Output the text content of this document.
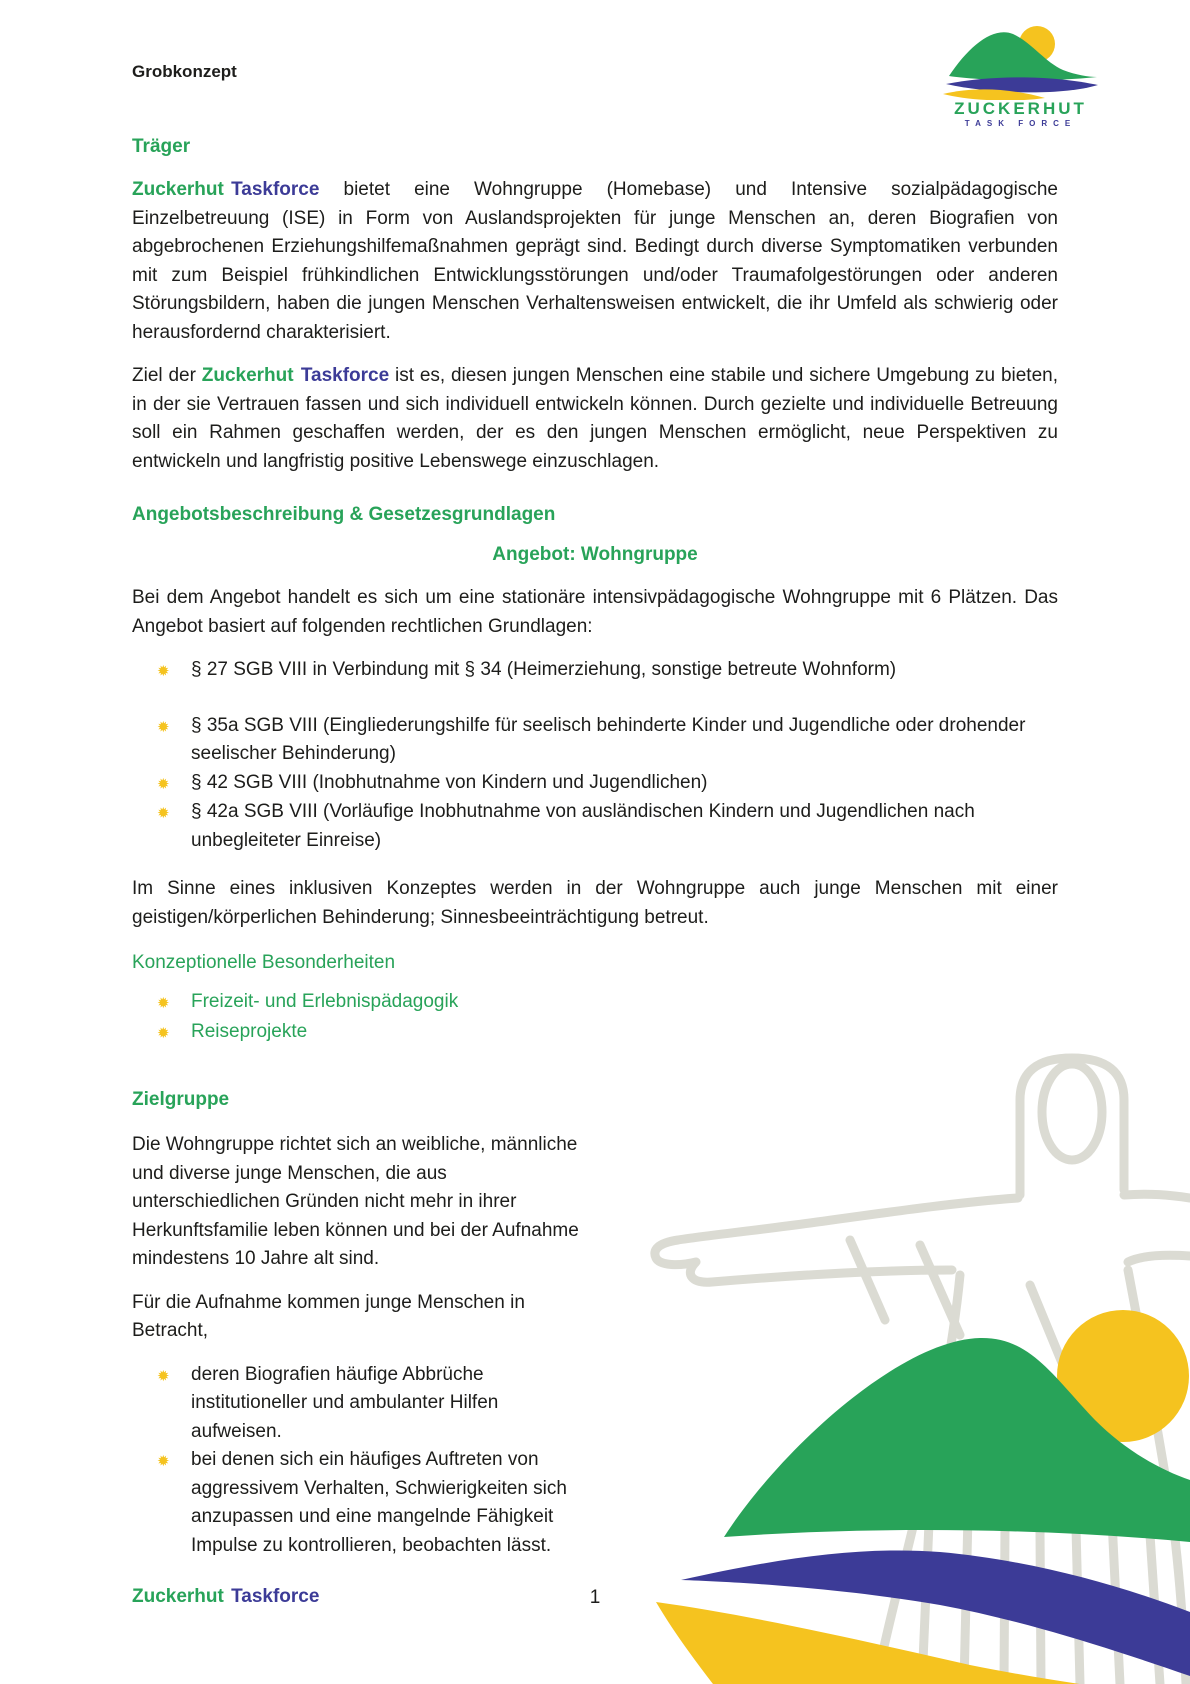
Grobkonzept
ZUCKERHUT
TASK FORCE
Träger

Zuckerhut Taskforce bietet eine Wohngruppe (Homebase) und Intensive sozialpädagogische Einzelbetreuung (ISE) in Form von Auslandsprojekten für junge Menschen an, deren Biografien von abgebrochenen Erziehungshilfemaßnahmen geprägt sind. Bedingt durch diverse Symptomatiken verbunden mit zum Beispiel frühkindlichen Entwicklungsstörungen und/oder Traumafolgestörungen oder anderen Störungsbildern, haben die jungen Menschen Verhaltensweisen entwickelt, die ihr Umfeld als schwierig oder herausfordernd charakterisiert.

Ziel der Zuckerhut Taskforce ist es, diesen jungen Menschen eine stabile und sichere Umgebung zu bieten, in der sie Vertrauen fassen und sich individuell entwickeln können. Durch gezielte und individuelle Betreuung soll ein Rahmen geschaffen werden, der es den jungen Menschen ermöglicht, neue Perspektiven zu entwickeln und langfristig positive Lebenswege einzuschlagen.

Angebotsbeschreibung & Gesetzesgrundlagen
Angebot: Wohngruppe

Bei dem Angebot handelt es sich um eine stationäre intensivpädagogische Wohngruppe mit 6 Plätzen. Das Angebot basiert auf folgenden rechtlichen Grundlagen:

✹
§ 27 SGB VIII in Verbindung mit § 34 (Heimerziehung, sonstige betreute Wohnform)
✹
§ 35a SGB VIII (Eingliederungshilfe für seelisch behinderte Kinder und Jugendliche oder drohender seelischer Behinderung)
✹
§ 42 SGB VIII (Inobhutnahme von Kindern und Jugendlichen)
✹
§ 42a SGB VIII (Vorläufige Inobhutnahme von ausländischen Kindern und Jugendlichen nach unbegleiteter Einreise)

Im Sinne eines inklusiven Konzeptes werden in der Wohngruppe auch junge Menschen mit einer geistigen/körperlichen Behinderung; Sinnesbeeinträchtigung betreut.

Konzeptionelle Besonderheiten
✹
Freizeit- und Erlebnispädagogik
✹
Reiseprojekte
Zielgruppe

Die Wohngruppe richtet sich an weibliche, männliche und diverse junge Menschen, die aus unterschiedlichen Gründen nicht mehr in ihrer Herkunftsfamilie leben können und bei der Aufnahme mindestens 10 Jahre alt sind.

Für die Aufnahme kommen junge Menschen in Betracht,

✹
deren Biografien häufige Abbrüche institutioneller und ambulanter Hilfen aufweisen.
✹
bei denen sich ein häufiges Auftreten von aggressivem Verhalten, Schwierigkeiten sich anzupassen und eine mangelnde Fähigkeit Impulse zu kontrollieren, beobachten lässt.
1
Zuckerhut Taskforce
